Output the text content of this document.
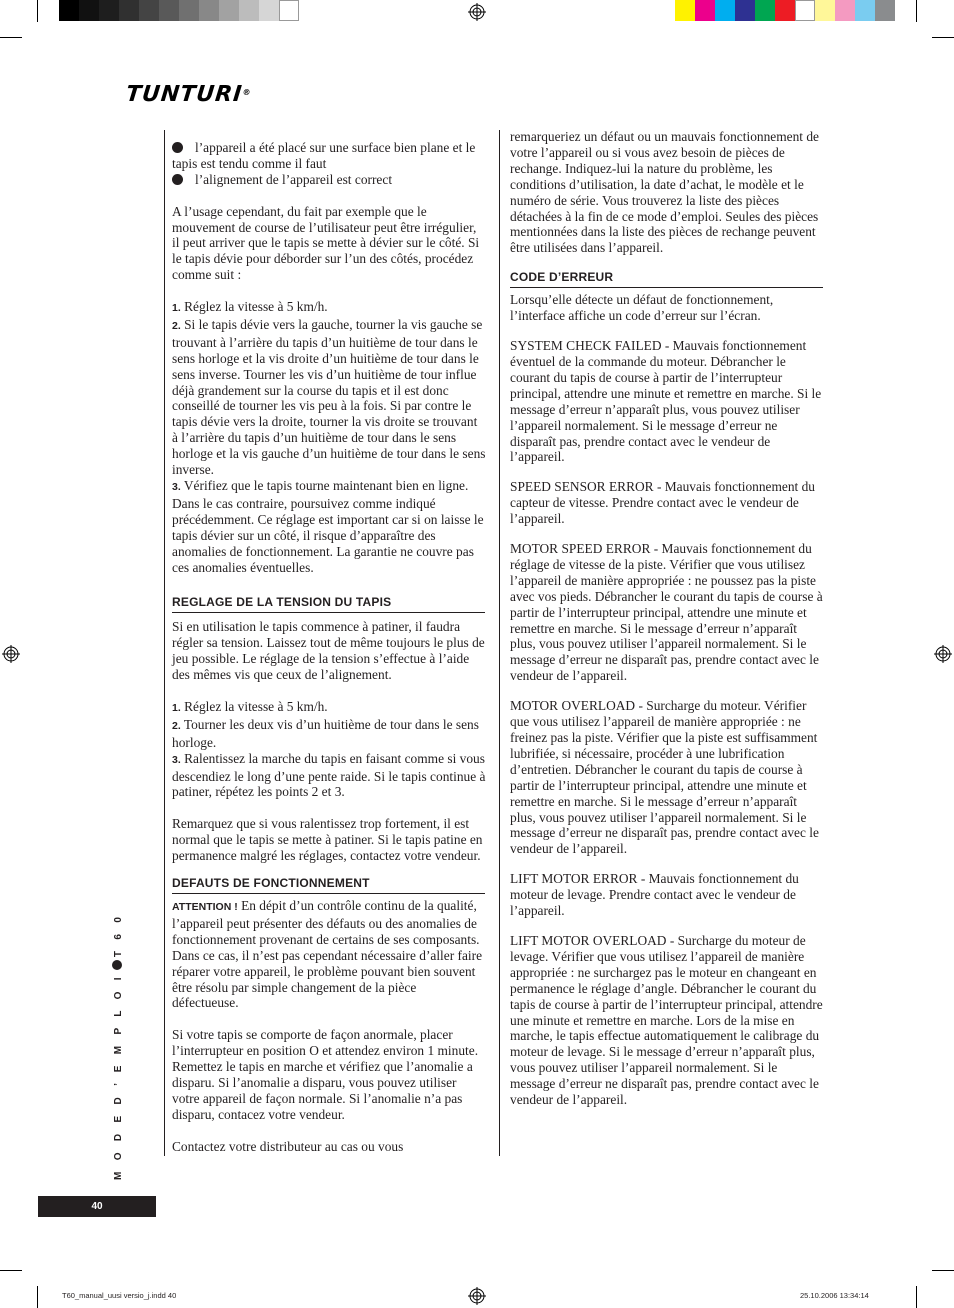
TUNTURI®

l’appareil a été placé sur une surface bien plane et le tapis est tendu comme il faut

l’alignement de l’appareil est correct

A l’usage cependant, du fait par exemple que le mouvement de course de l’utilisateur peut être irrégulier, il peut arriver que le tapis se mette à dévier sur le côté. Si le tapis dévie pour déborder sur l’un des côtés, procédez comme suit :

1. Réglez la vitesse à 5 km/h.

2. Si le tapis dévie vers la gauche, tourner la vis gauche se trouvant à l’arrière du tapis d’un huitième de tour dans le sens horloge et la vis droite d’un huitième de tour dans le sens inverse. Tourner les vis d’un huitième de tour influe déjà grandement sur la course du tapis et il est donc conseillé de tourner les vis peu à la fois. Si par contre le tapis dévie vers la droite, tourner la vis droite se trouvant à l’arrière du tapis d’un huitième de tour dans le sens horloge et la vis gauche d’un huitième de tour dans le sens inverse.

3. Vérifiez que le tapis tourne maintenant bien en ligne. Dans le cas contraire, poursuivez comme indiqué précédemment. Ce réglage est important car si on laisse le tapis dévier sur un côté, il risque d’apparaître des anomalies de fonctionnement. La garantie ne couvre pas ces anomalies éventuelles.

REGLAGE DE LA TENSION DU TAPIS

Si en utilisation le tapis commence à patiner, il faudra régler sa tension. Laissez tout de même toujours le plus de jeu possible. Le réglage de la tension s’effectue à l’aide des mêmes vis que ceux de l’alignement.

1. Réglez la vitesse à 5 km/h.

2. Tourner les deux vis d’un huitième de tour dans le sens horloge.

3. Ralentissez la marche du tapis en faisant comme si vous descendiez le long d’une pente raide. Si le tapis continue à patiner, répétez les points 2 et 3.

Remarquez que si vous ralentissez trop fortement, il est normal que le tapis se mette à patiner. Si le tapis patine en permanence malgré les réglages, contactez votre vendeur.

DEFAUTS DE FONCTIONNEMENT

ATTENTION ! En dépit d’un contrôle continu de la qualité, l’appareil peut présenter des défauts ou des anomalies de fonctionnement provenant de certains de ses composants. Dans ce cas, il n’est pas cependant nécessaire d’aller faire réparer votre appareil, le problème pouvant bien souvent être résolu par simple changement de la pièce défectueuse.

Si votre tapis se comporte de façon anormale, placer l’interrupteur en position O et attendez environ 1 minute. Remettez le tapis en marche et vérifiez que l’anomalie a disparu. Si l’anomalie a disparu, vous pouvez utiliser votre appareil de façon normale. Si l’anomalie n’a pas disparu, contacez votre vendeur.

Contactez votre distributeur au cas ou vous

remarqueriez un défaut ou un mauvais fonctionnement de votre l’appareil ou si vous avez besoin de pièces de rechange. Indiquez-lui la nature du problème, les conditions d’utilisation, la date d’achat, le modèle et le numéro de série. Vous trouverez la liste des pièces détachées à la fin de ce mode d’emploi. Seules des pièces mentionnées dans la liste des pièces de rechange peuvent être utilisées dans l’appareil.

CODE D’ERREUR

Lorsqu’elle détecte un défaut de fonctionnement, l’interface affiche un code d’erreur sur l’écran.

SYSTEM CHECK FAILED - Mauvais fonctionnement éventuel de la commande du moteur. Débrancher le courant du tapis de course à partir de l’interrupteur principal, attendre une minute et remettre en marche. Si le message d’erreur n’apparaît plus, vous pouvez utiliser l’appareil normalement. Si le message d’erreur ne disparaît pas, prendre contact avec le vendeur de l’appareil.

SPEED SENSOR ERROR - Mauvais fonctionnement du capteur de vitesse. Prendre contact avec le vendeur de l’appareil.

MOTOR SPEED ERROR - Mauvais fonctionnement du réglage de vitesse de la piste. Vérifier que vous utilisez l’appareil de manière appropriée : ne poussez pas la piste avec vos pieds. Débrancher le courant du tapis de course à partir de l’interrupteur principal, attendre une minute et remettre en marche. Si le message d’erreur n’apparaît plus, vous pouvez utiliser l’appareil normalement. Si le message d’erreur ne disparaît pas, prendre contact avec le vendeur de l’appareil.

MOTOR OVERLOAD - Surcharge du moteur. Vérifier que vous utilisez l’appareil de manière appropriée : ne freinez pas la piste. Vérifier que la piste est suffisamment lubrifiée, si nécessaire, procéder à une lubrification d’entretien. Débrancher le courant du tapis de course à partir de l’interrupteur principal, attendre une minute et remettre en marche. Si le message d’erreur n’apparaît plus, vous pouvez utiliser l’appareil normalement. Si le message d’erreur ne disparaît pas, prendre contact avec le vendeur de l’appareil.

LIFT MOTOR ERROR - Mauvais fonctionnement du moteur de levage. Prendre contact avec le vendeur de l’appareil.

LIFT MOTOR OVERLOAD - Surcharge du moteur de levage. Vérifier que vous utilisez l’appareil de manière appropriée : ne surchargez pas le moteur en changeant en permanence le réglage d’angle. Débrancher le courant du tapis de course à partir de l’interrupteur principal, attendre une minute et remettre en marche. Lors de la mise en marche, le tapis effectue automatiquement le calibrage du moteur de levage. Si le message d’erreur n’apparaît plus, vous pouvez utiliser l’appareil normalement. Si le message d’erreur ne disparaît pas, prendre contact avec le vendeur de l’appareil.

M O D E D ’ E M P L O IT 6 0
40
T60_manual_uusi versio_j.indd 40	25.10.2006 13:34:14
